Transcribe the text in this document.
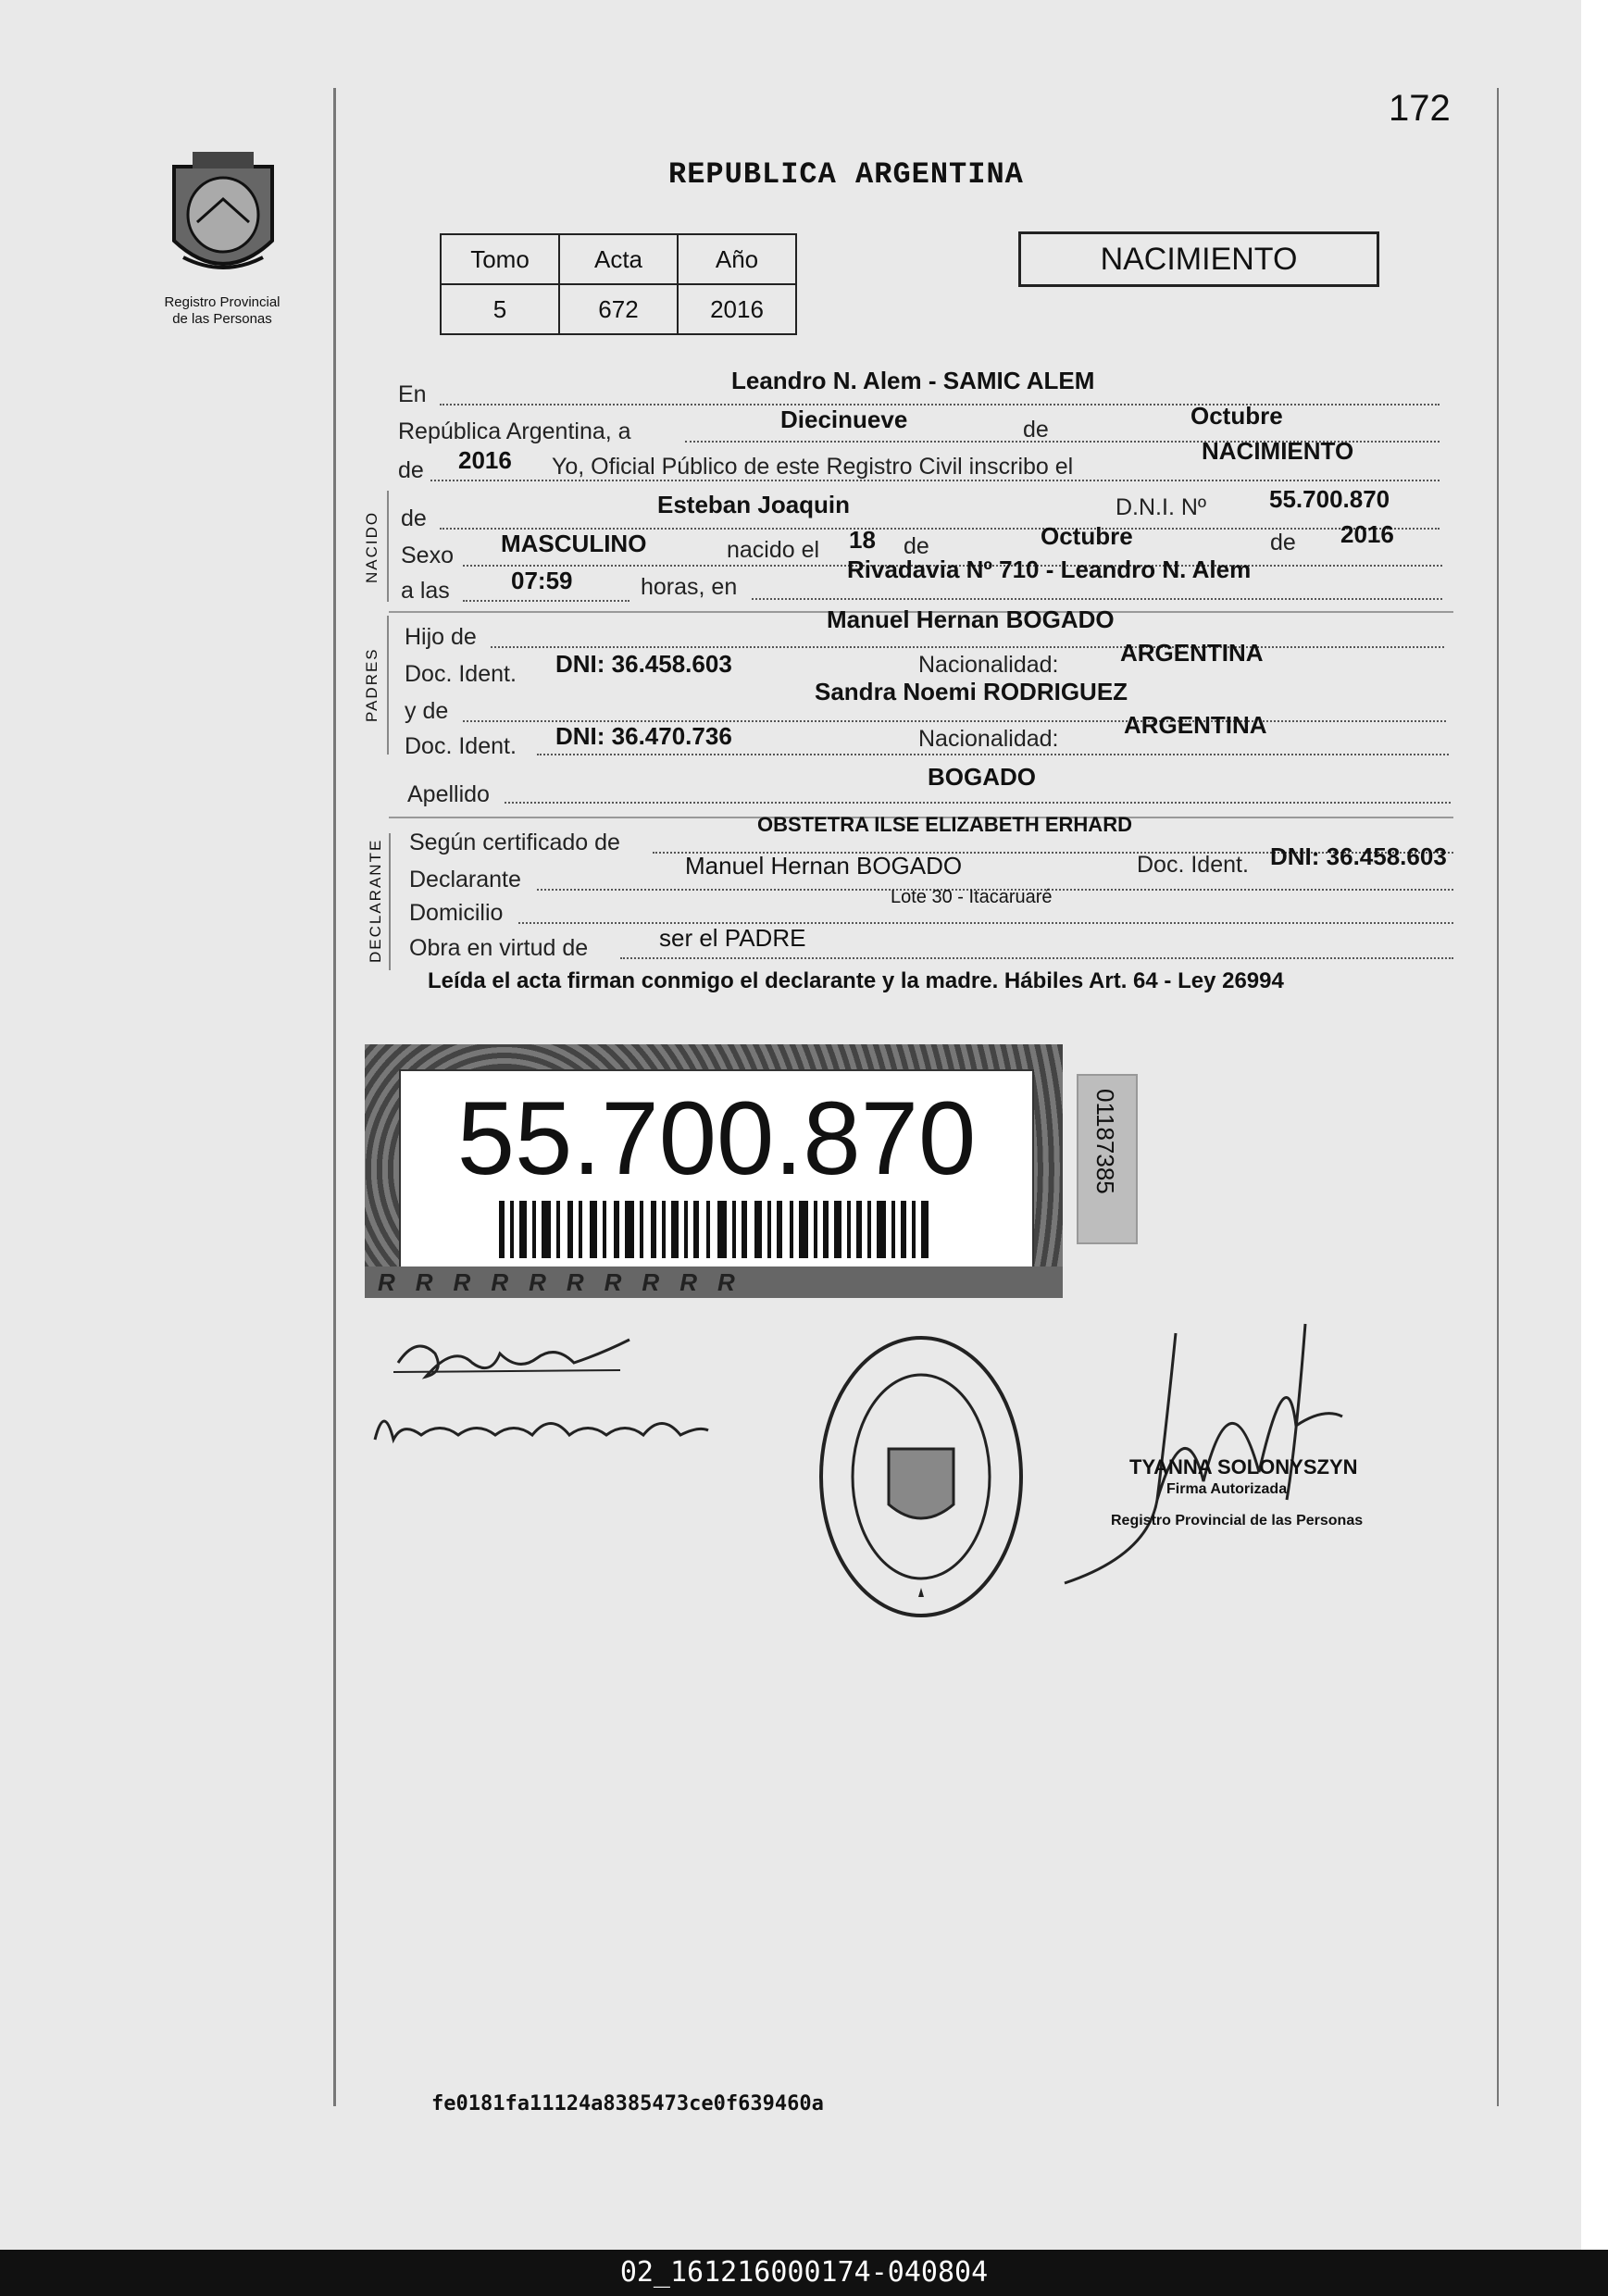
172
Registro Provincial
de las Personas
REPUBLICA ARGENTINA
Tomo	Acta	Año
5	672	2016
NACIMIENTO
En	Leandro N. Alem - SAMIC ALEM
República Argentina, a	Diecinueve	de	Octubre
de 2016 Yo, Oficial Público de este Registro Civil inscribo el
NACIMIENTO
NACIDO de	Esteban Joaquin	D.N.I. Nº	55.700.870
Sexo MASCULINO	nacido el 18 de	Octubre	de 2016
a las	07:59	horas, en
Rivadavia Nº 710 - Leandro N. Alem
PADRES
Hijo de
Manuel Hernan BOGADO
Doc. Ident. DNI: 36.458.603	Nacionalidad:	ARGENTINA
y de
Sandra Noemi RODRIGUEZ
Doc. Ident. DNI: 36.470.736	Nacionalidad:	ARGENTINA
Apellido
BOGADO
DECLARANTE Según certificado de
OBSTETRA ILSE ELIZABETH ERHARD
Declarante	Manuel Hernan BOGADO	Doc. Ident. DNI: 36.458.603
Domicilio
Lote 30 - Itacaruaré
Obra en virtud de	ser el PADRE
Leída el acta firman conmigo el declarante y la madre. Hábiles Art. 64 - Ley 26994
55.700.870
RRRRRRRRRR
01187385
TYANNA SOLONYSZYN
Firma Autorizada
Registro Provincial de las Personas
fe0181fa11124a8385473ce0f639460a
02_161216000174-040804
